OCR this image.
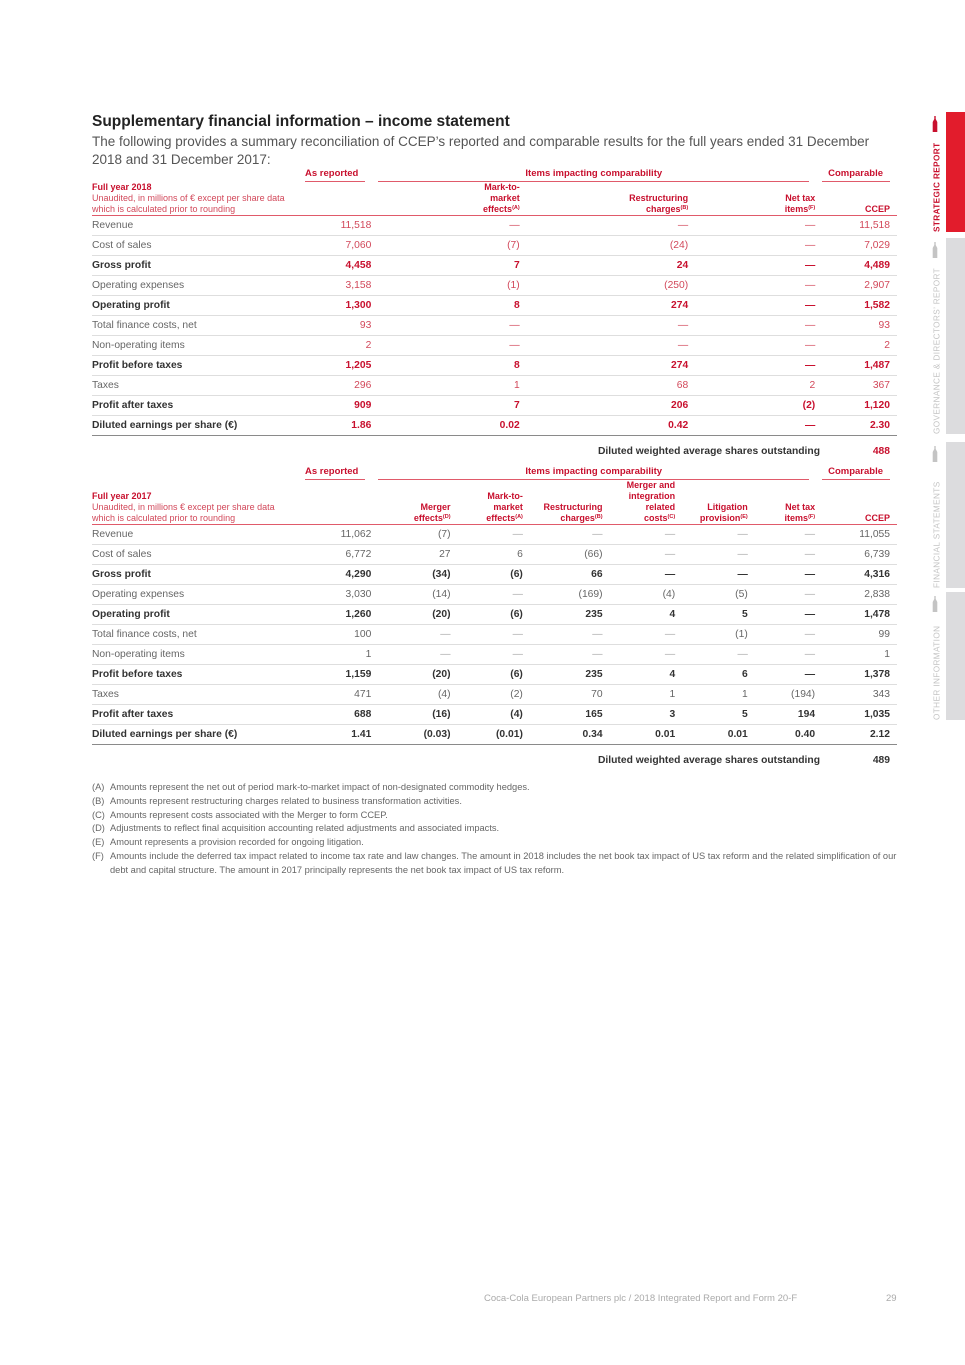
Supplementary financial information – income statement

The following provides a summary reconciliation of CCEP’s reported and comparable results for the full years ended 31 December 2018 and 31 December 2017:

	As reported	Items impacting comparability			Comparable

Full year 2018
Unaudited, in millions of € except per share data which is calculated prior to rounding		Mark-to-
market
effects$^{(A)}$	Restructuring
charges$^{(B)}$	Net tax
items$^{(F)}$	CCEP
Revenue	11,518	—	—	—	11,518
Cost of sales	7,060	(7)	(24)	—	7,029
Gross profit	4,458	7	24	—	4,489
Operating expenses	3,158	(1)	(250)	—	2,907
Operating profit	1,300	8	274	—	1,582
Total finance costs, net	93	—	—	—	93
Non-operating items	2	—	—	—	2
Profit before taxes	1,205	8	274	—	1,487
Taxes	296	1	68	2	367
Profit after taxes	909	7	206	(2)	1,120
Diluted earnings per share (€)	1.86	0.02	0.42	—	2.30
Diluted weighted average shares outstanding	488

	As reported	Items impacting comparability						Comparable

Full year 2017
Unaudited, in millions € except per share data which is calculated prior to rounding		Merger
effects$^{(D)}$	Mark-to-
market
effects$^{(A)}$	Restructuring
charges$^{(B)}$	Merger and
integration
related
costs$^{(C)}$	Litigation
provision$^{(E)}$	Net tax
items$^{(F)}$	CCEP
Revenue	11,062	(7)	—	—	—	—	—	11,055
Cost of sales	6,772	27	6	(66)	—	—	—	6,739
Gross profit	4,290	(34)	(6)	66	—	—	—	4,316
Operating expenses	3,030	(14)	—	(169)	(4)	(5)	—	2,838
Operating profit	1,260	(20)	(6)	235	4	5	—	1,478
Total finance costs, net	100	—	—	—	—	(1)	—	99
Non-operating items	1	—	—	—	—	—	—	1
Profit before taxes	1,159	(20)	(6)	235	4	6	—	1,378
Taxes	471	(4)	(2)	70	1	1	(194)	343
Profit after taxes	688	(16)	(4)	165	3	5	194	1,035
Diluted earnings per share (€)	1.41	(0.03)	(0.01)	0.34	0.01	0.01	0.40	2.12
Diluted weighted average shares outstanding	489
(A) Amounts represent the net out of period mark-to-market impact of non-designated commodity hedges.
(B) Amounts represent restructuring charges related to business transformation activities.
(C) Amounts represent costs associated with the Merger to form CCEP.
(D) Adjustments to reflect final acquisition accounting related adjustments and associated impacts.
(E) Amount represents a provision recorded for ongoing litigation.
(F) Amounts include the deferred tax impact related to income tax rate and law changes. The amount in 2018 includes the net book tax impact of US tax reform and the related simplification of our debt and capital structure. The amount in 2017 principally represents the net book tax impact of US tax reform.
Coca-Cola European Partners plc / 2018 Integrated Report and Form 20-F	29
STRATEGIC REPORT
GOVERNANCE & DIRECTORS’ REPORT
FINANCIAL STATEMENTS
OTHER INFORMATION
